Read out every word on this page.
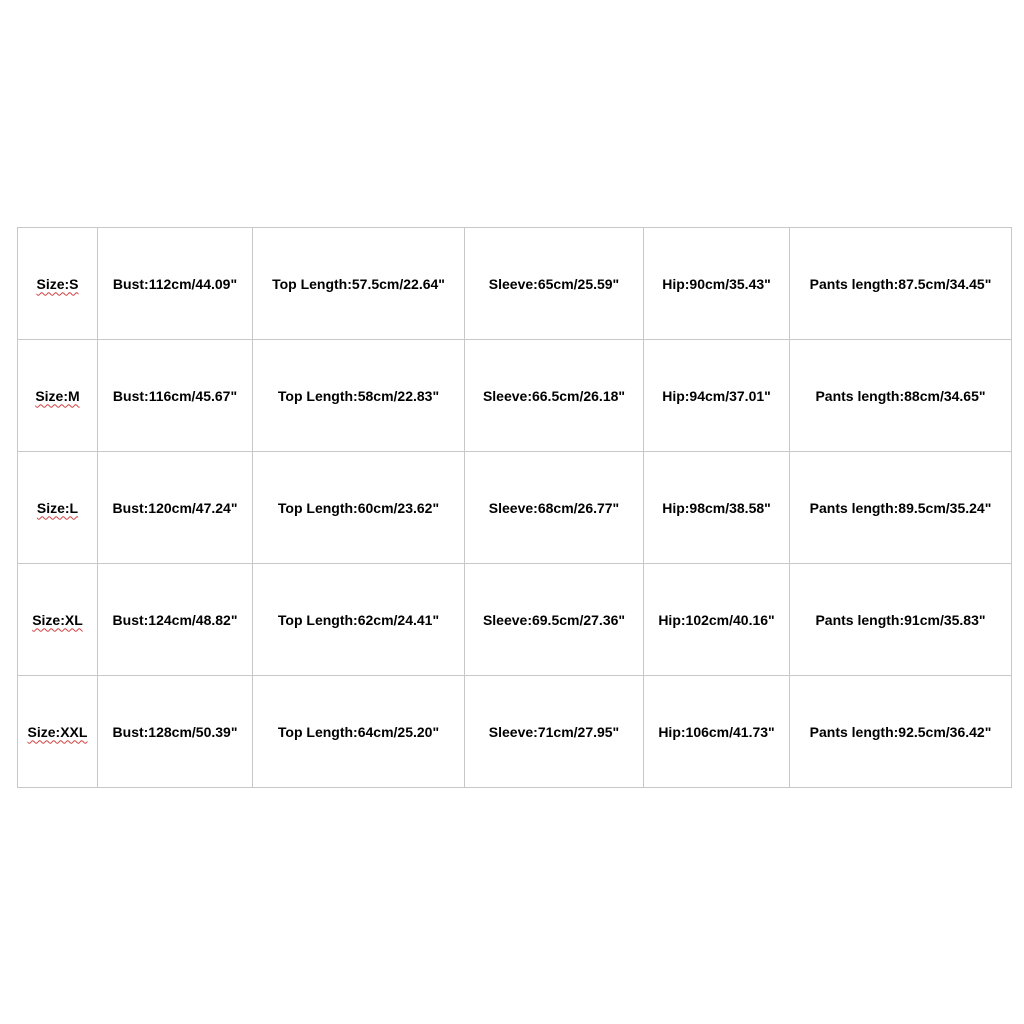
Size:S	Bust:112cm/44.09"	Top Length:57.5cm/22.64"	Sleeve:65cm/25.59"	Hip:90cm/35.43"	Pants length:87.5cm/34.45"
Size:M	Bust:116cm/45.67"	Top Length:58cm/22.83"	Sleeve:66.5cm/26.18"	Hip:94cm/37.01"	Pants length:88cm/34.65"
Size:L	Bust:120cm/47.24"	Top Length:60cm/23.62"	Sleeve:68cm/26.77"	Hip:98cm/38.58"	Pants length:89.5cm/35.24"
Size:XL	Bust:124cm/48.82"	Top Length:62cm/24.41"	Sleeve:69.5cm/27.36"	Hip:102cm/40.16"	Pants length:91cm/35.83"
Size:XXL	Bust:128cm/50.39"	Top Length:64cm/25.20"	Sleeve:71cm/27.95"	Hip:106cm/41.73"	Pants length:92.5cm/36.42"
